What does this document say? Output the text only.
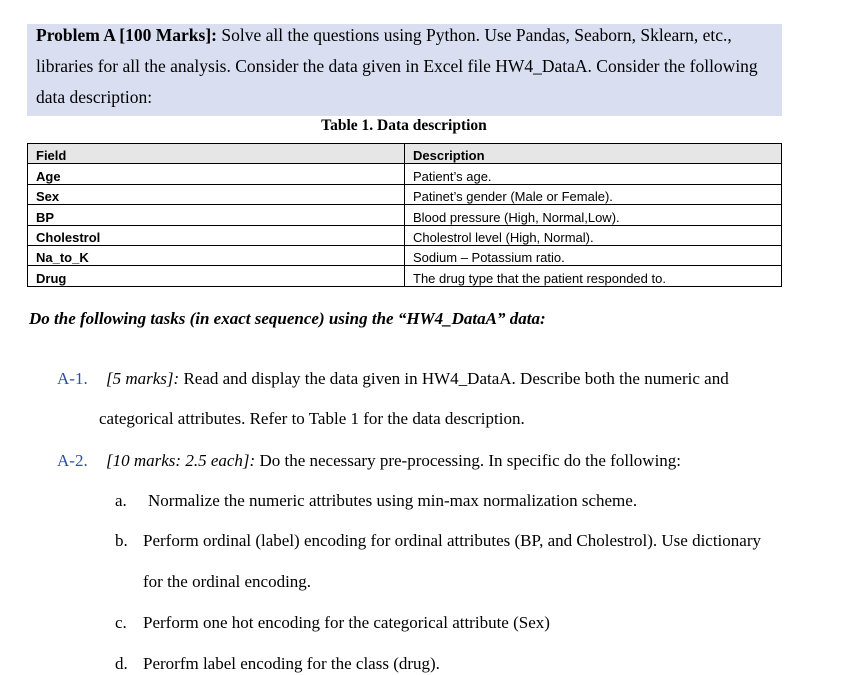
Problem A [100 Marks]: Solve all the questions using Python. Use Pandas, Seaborn, Sklearn, etc.,
libraries for all the analysis. Consider the data given in Excel file HW4_DataA. Consider the following
data description:
Table 1. Data description
Field	Description
Age	Patient’s age.
Sex	Patinet’s gender (Male or Female).
BP	Blood pressure (High, Normal,Low).
Cholestrol	Cholestrol level (High, Normal).
Na_to_K	Sodium – Potassium ratio.
Drug	The drug type that the patient responded to.
Do the following tasks (in exact sequence) using the “HW4_DataA” data:
A-1. [5 marks]: Read and display the data given in HW4_DataA. Describe both the numeric and
categorical attributes. Refer to Table 1 for the data description.
A-2. [10 marks: 2.5 each]: Do the necessary pre-processing. In specific do the following:
a. Normalize the numeric attributes using min-max normalization scheme.
b. Perform ordinal (label) encoding for ordinal attributes (BP, and Cholestrol). Use dictionary
for the ordinal encoding.
c. Perform one hot encoding for the categorical attribute (Sex)
d. Perorfm label encoding for the class (drug).
